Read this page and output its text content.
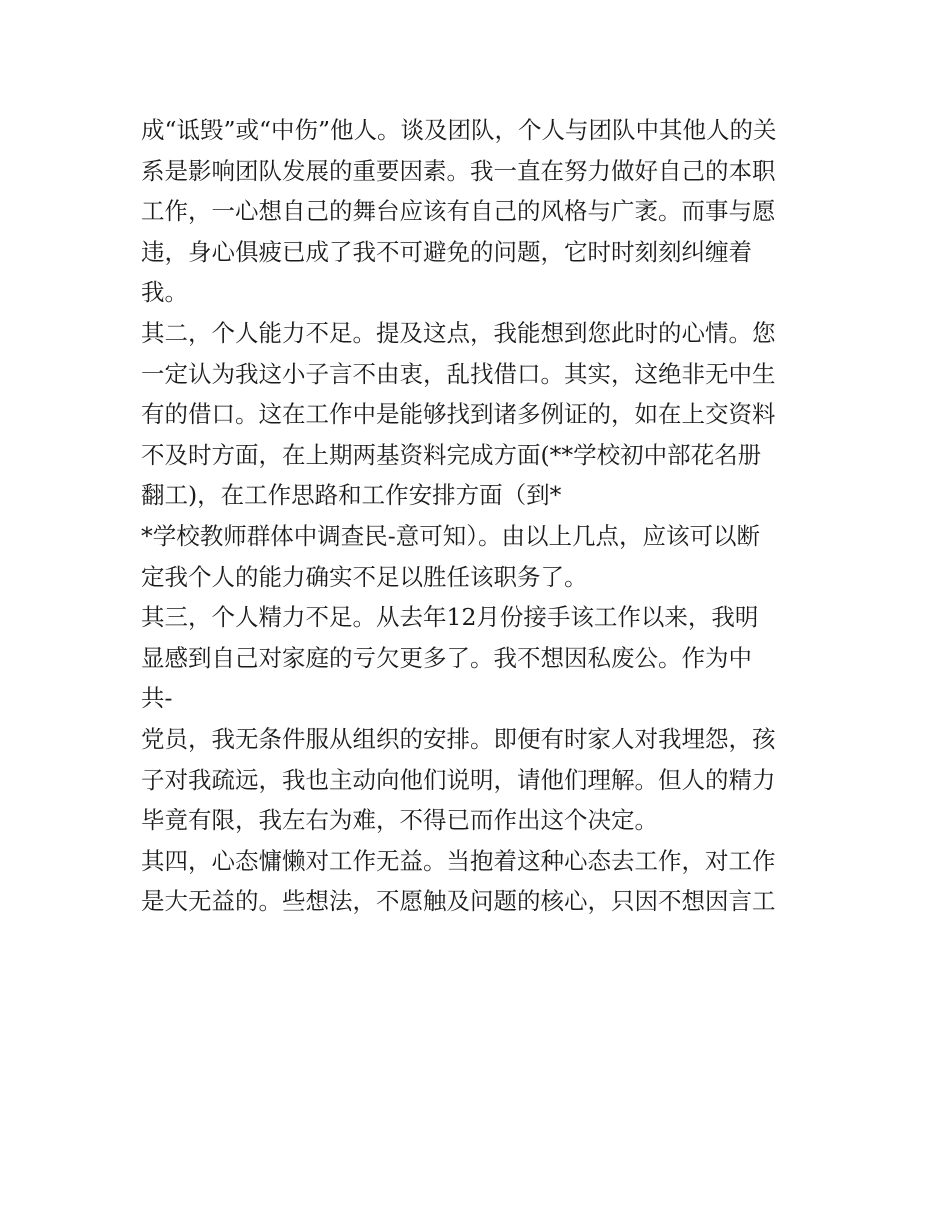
成“诋毁”或“中伤”他人。谈及团队，个人与团队中其他人的关
系是影响团队发展的重要因素。我一直在努力做好自己的本职
工作，一心想自己的舞台应该有自己的风格与广袤。而事与愿
违，身心俱疲已成了我不可避免的问题，它时时刻刻纠缠着
我。
其二，个人能力不足。提及这点，我能想到您此时的心情。您
一定认为我这小子言不由衷，乱找借口。其实，这绝非无中生
有的借口。这在工作中是能够找到诸多例证的，如在上交资料
不及时方面，在上期两基资料完成方面(**学校初中部花名册
翻工)，在工作思路和工作安排方面（到*
*学校教师群体中调查民-意可知）。由以上几点，应该可以断
定我个人的能力确实不足以胜任该职务了。
其三，个人精力不足。从去年12月份接手该工作以来，我明
显感到自己对家庭的亏欠更多了。我不想因私废公。作为中
共-
党员，我无条件服从组织的安排。即便有时家人对我埋怨，孩
子对我疏远，我也主动向他们说明，请他们理解。但人的精力
毕竟有限，我左右为难，不得已而作出这个决定。
其四，心态慵懒对工作无益。当抱着这种心态去工作，对工作
是大无益的。些想法，不愿触及问题的核心，只因不想因言工
